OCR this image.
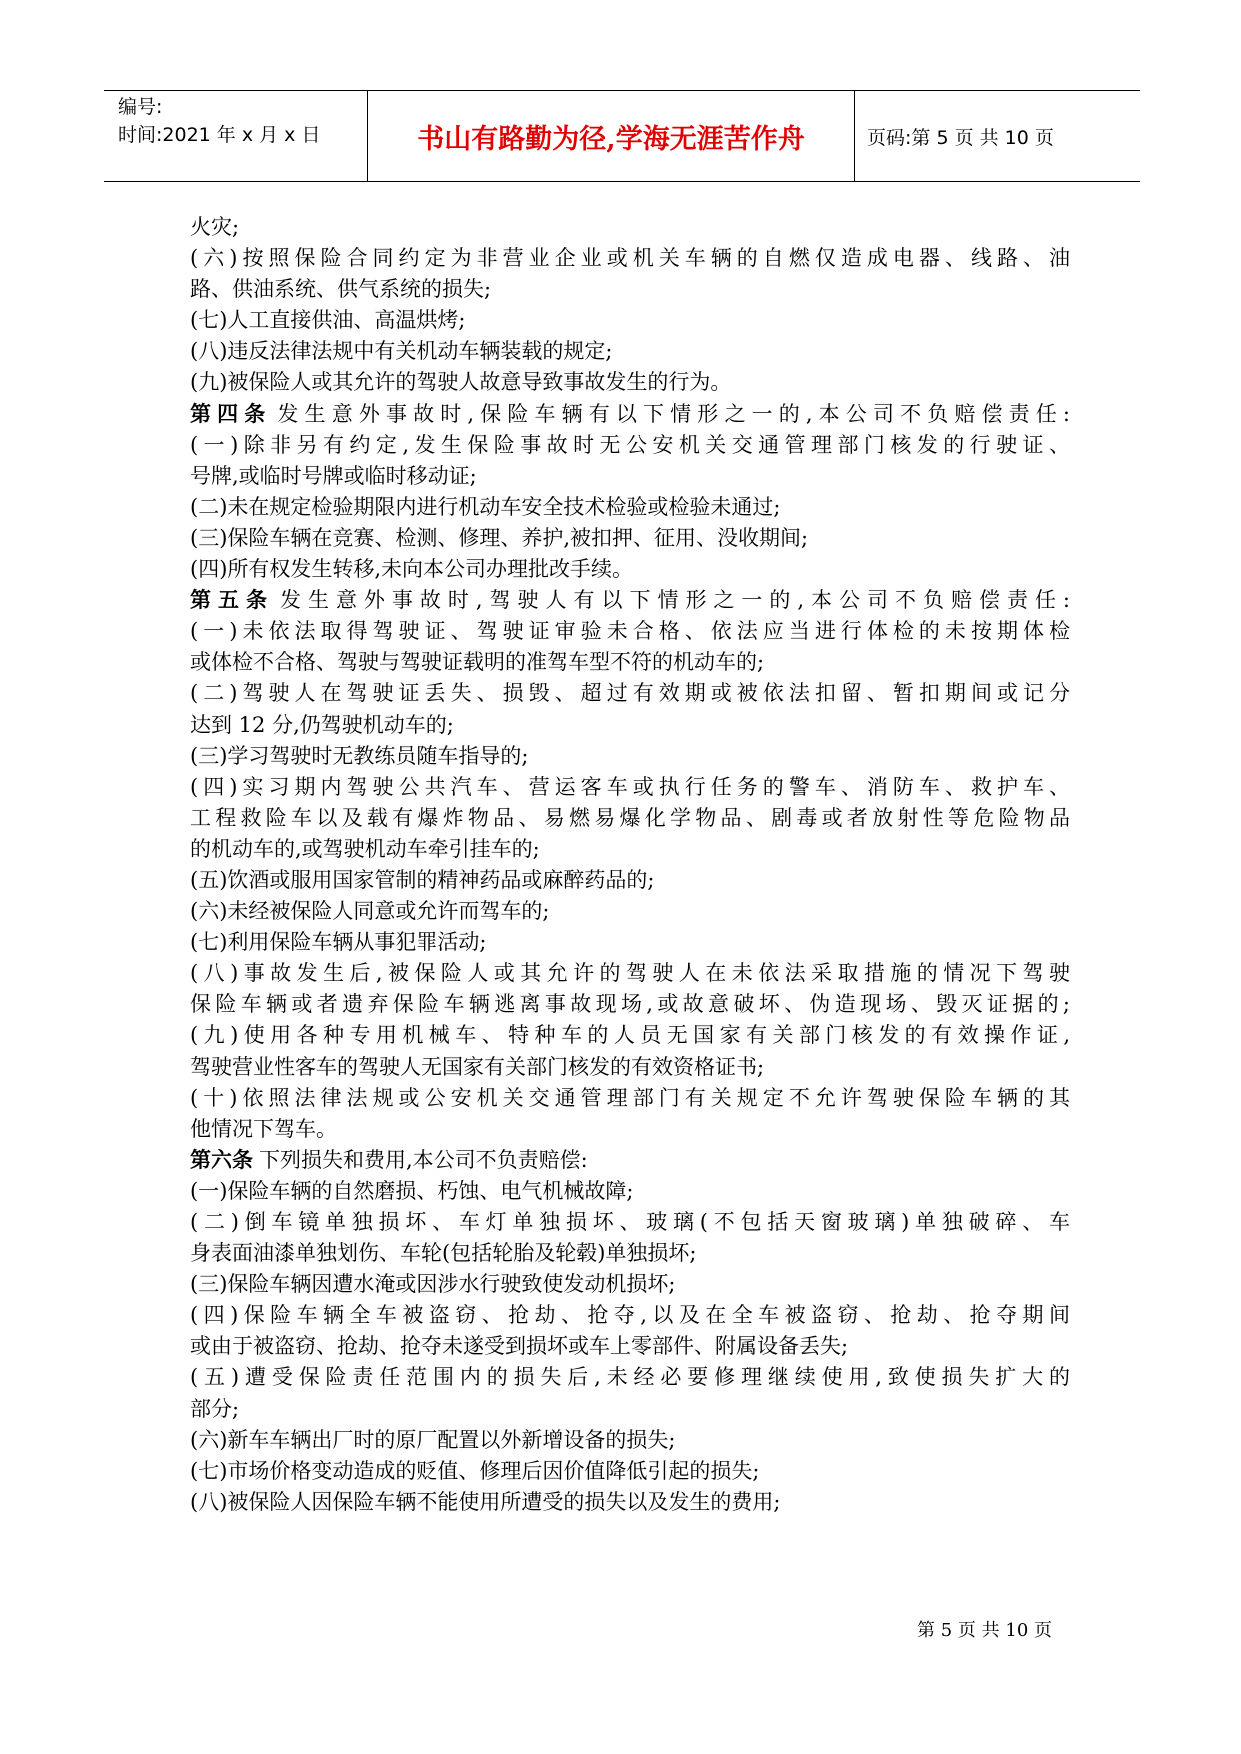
编号:
时间:2021 年 x 月 x 日	书山有路勤为径,学海无涯苦作舟	页码:第 5 页 共 10 页
火灾;
(六)按照保险合同约定为非营业企业或机关车辆的自燃仅造成电器、线路、油
路、供油系统、供气系统的损失;
(七)人工直接供油、高温烘烤;
(八)违反法律法规中有关机动车辆装载的规定;
(九)被保险人或其允许的驾驶人故意导致事故发生的行为。
第四条 发生意外事故时,保险车辆有以下情形之一的,本公司不负赔偿责任:
(一)除非另有约定,发生保险事故时无公安机关交通管理部门核发的行驶证、
号牌,或临时号牌或临时移动证;
(二)未在规定检验期限内进行机动车安全技术检验或检验未通过;
(三)保险车辆在竞赛、检测、修理、养护,被扣押、征用、没收期间;
(四)所有权发生转移,未向本公司办理批改手续。
第五条 发生意外事故时,驾驶人有以下情形之一的,本公司不负赔偿责任:
(一)未依法取得驾驶证、驾驶证审验未合格、依法应当进行体检的未按期体检
或体检不合格、驾驶与驾驶证载明的准驾车型不符的机动车的;
(二)驾驶人在驾驶证丢失、损毁、超过有效期或被依法扣留、暂扣期间或记分
达到 12 分,仍驾驶机动车的;
(三)学习驾驶时无教练员随车指导的;
(四)实习期内驾驶公共汽车、营运客车或执行任务的警车、消防车、救护车、
工程救险车以及载有爆炸物品、易燃易爆化学物品、剧毒或者放射性等危险物品
的机动车的,或驾驶机动车牵引挂车的;
(五)饮酒或服用国家管制的精神药品或麻醉药品的;
(六)未经被保险人同意或允许而驾车的;
(七)利用保险车辆从事犯罪活动;
(八)事故发生后,被保险人或其允许的驾驶人在未依法采取措施的情况下驾驶
保险车辆或者遗弃保险车辆逃离事故现场,或故意破坏、伪造现场、毁灭证据的;
(九)使用各种专用机械车、特种车的人员无国家有关部门核发的有效操作证,
驾驶营业性客车的驾驶人无国家有关部门核发的有效资格证书;
(十)依照法律法规或公安机关交通管理部门有关规定不允许驾驶保险车辆的其
他情况下驾车。
第六条 下列损失和费用,本公司不负责赔偿:
(一)保险车辆的自然磨损、朽蚀、电气机械故障;
(二)倒车镜单独损坏、车灯单独损坏、玻璃(不包括天窗玻璃)单独破碎、车
身表面油漆单独划伤、车轮(包括轮胎及轮毂)单独损坏;
(三)保险车辆因遭水淹或因涉水行驶致使发动机损坏;
(四)保险车辆全车被盗窃、抢劫、抢夺,以及在全车被盗窃、抢劫、抢夺期间
或由于被盗窃、抢劫、抢夺未遂受到损坏或车上零部件、附属设备丢失;
(五)遭受保险责任范围内的损失后,未经必要修理继续使用,致使损失扩大的
部分;
(六)新车车辆出厂时的原厂配置以外新增设备的损失;
(七)市场价格变动造成的贬值、修理后因价值降低引起的损失;
(八)被保险人因保险车辆不能使用所遭受的损失以及发生的费用;
第 5 页 共 10 页
